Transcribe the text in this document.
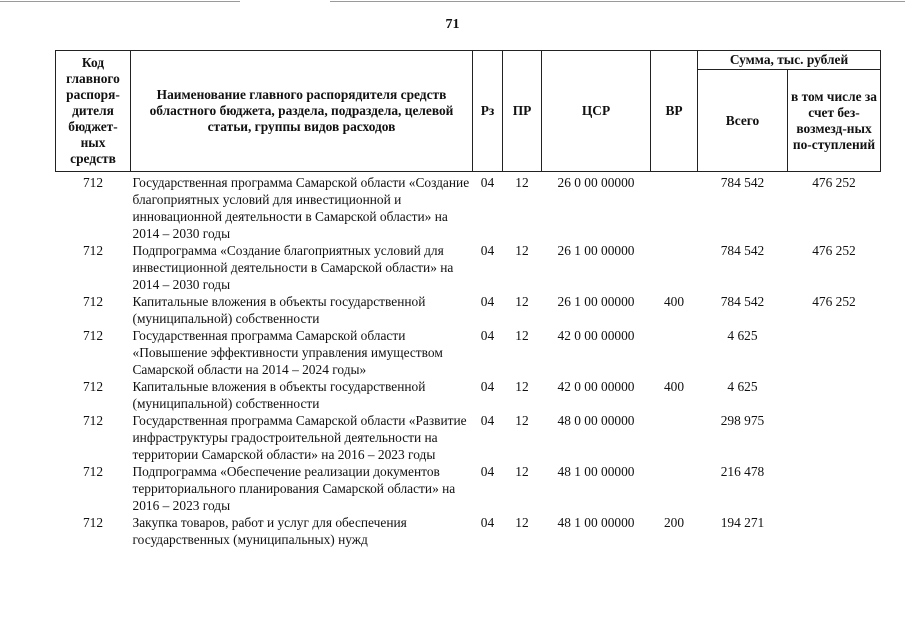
71
Код главного распоря-дителя бюджет-ных средств	Наименование главного распорядителя средств областного бюджета, раздела, подраздела, целевой статьи, группы видов расходов	Рз	ПР	ЦСР	ВР	Сумма, тыс. рублей	
						Всего	в том числе за счет без-возмезд-ных по-ступлений
712	Государственная программа Самарской области «Создание благоприятных условий для инвестиционной и инновационной деятельности в Самарской области» на 2014 – 2030 годы	04	12	26 0 00 00000		784 542	476 252
712	Подпрограмма «Создание благоприятных условий для инвестиционной деятельности в Самарской области» на 2014 – 2030 годы	04	12	26 1 00 00000		784 542	476 252
712	Капитальные вложения в объекты государственной (муниципальной) собственности	04	12	26 1 00 00000	400	784 542	476 252
712	Государственная программа Самарской области «Повышение эффективности управления имуществом Самарской области на 2014 – 2024 годы»	04	12	42 0 00 00000		4 625	
712	Капитальные вложения в объекты государственной (муниципальной) собственности	04	12	42 0 00 00000	400	4 625	
712	Государственная программа Самарской области «Развитие инфраструктуры градостроительной деятельности на территории Самарской области» на 2016 – 2023 годы	04	12	48 0 00 00000		298 975	
712	Подпрограмма «Обеспечение реализации документов территориального планирования Самарской области» на 2016 – 2023 годы	04	12	48 1 00 00000		216 478	
712	Закупка товаров, работ и услуг для обеспечения государственных (муниципальных) нужд	04	12	48 1 00 00000	200	194 271	
